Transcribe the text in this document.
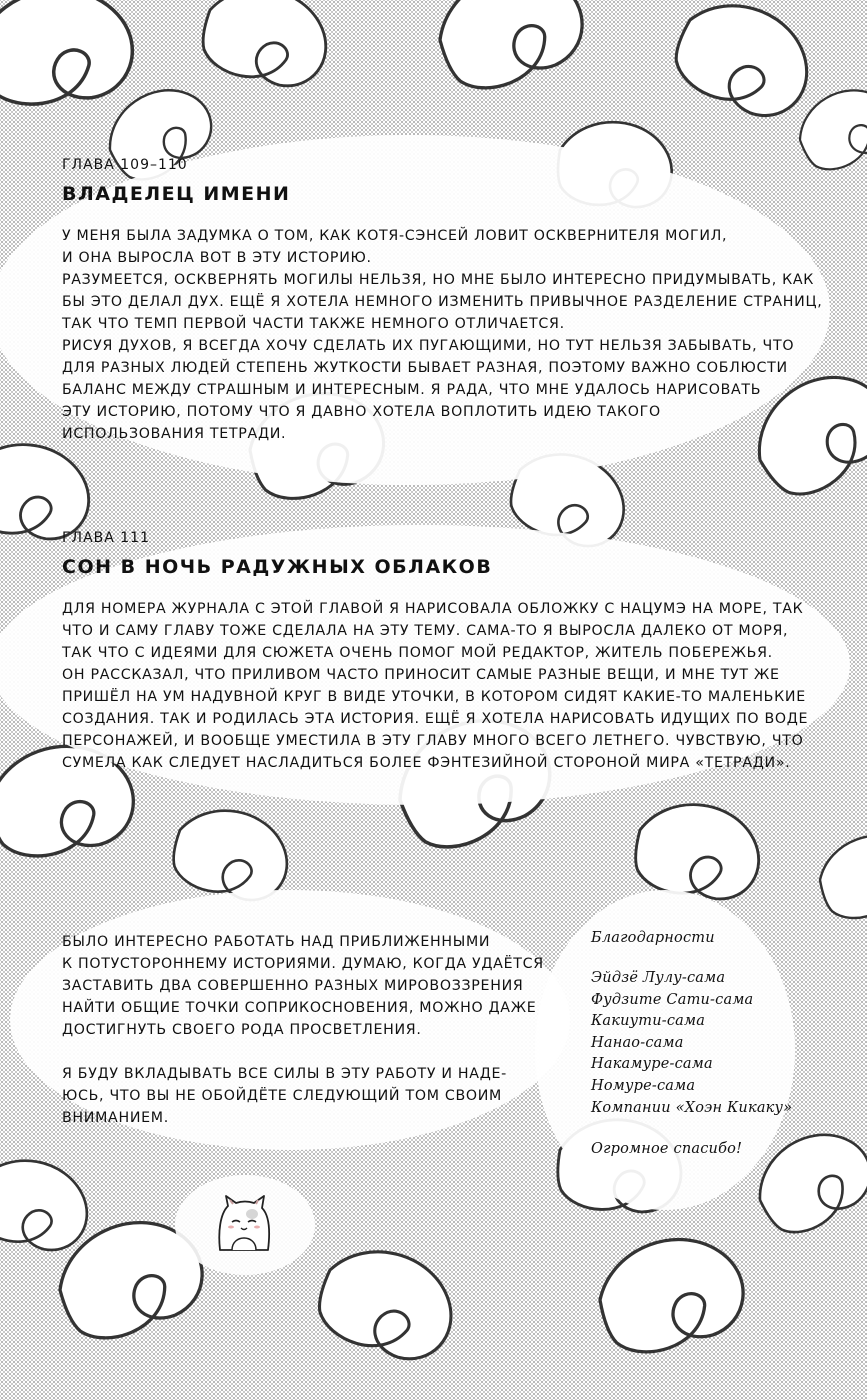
ГЛАВА 109–110

ВЛАДЕЛЕЦ ИМЕНИ

У МЕНЯ БЫЛА ЗАДУМКА О ТОМ, КАК КОТЯ-СЭНСЕЙ ЛОВИТ ОСКВЕРНИТЕЛЯ МОГИЛ,
И ОНА ВЫРОСЛА ВОТ В ЭТУ ИСТОРИЮ.
РАЗУМЕЕТСЯ, ОСКВЕРНЯТЬ МОГИЛЫ НЕЛЬЗЯ, НО МНЕ БЫЛО ИНТЕРЕСНО ПРИДУМЫВАТЬ, КАК
БЫ ЭТО ДЕЛАЛ ДУХ. ЕЩЁ Я ХОТЕЛА НЕМНОГО ИЗМЕНИТЬ ПРИВЫЧНОЕ РАЗДЕЛЕНИЕ СТРАНИЦ,
ТАК ЧТО ТЕМП ПЕРВОЙ ЧАСТИ ТАКЖЕ НЕМНОГО ОТЛИЧАЕТСЯ.
РИСУЯ ДУХОВ, Я ВСЕГДА ХОЧУ СДЕЛАТЬ ИХ ПУГАЮЩИМИ, НО ТУТ НЕЛЬЗЯ ЗАБЫВАТЬ, ЧТО
ДЛЯ РАЗНЫХ ЛЮДЕЙ СТЕПЕНЬ ЖУТКОСТИ БЫВАЕТ РАЗНАЯ, ПОЭТОМУ ВАЖНО СОБЛЮСТИ
БАЛАНС МЕЖДУ СТРАШНЫМ И ИНТЕРЕСНЫМ. Я РАДА, ЧТО МНЕ УДАЛОСЬ НАРИСОВАТЬ
ЭТУ ИСТОРИЮ, ПОТОМУ ЧТО Я ДАВНО ХОТЕЛА ВОПЛОТИТЬ ИДЕЮ ТАКОГО
ИСПОЛЬЗОВАНИЯ ТЕТРАДИ.

ГЛАВА 111

СОН В НОЧЬ РАДУЖНЫХ ОБЛАКОВ

ДЛЯ НОМЕРА ЖУРНАЛА С ЭТОЙ ГЛАВОЙ Я НАРИСОВАЛА ОБЛОЖКУ С НАЦУМЭ НА МОРЕ, ТАК
ЧТО И САМУ ГЛАВУ ТОЖЕ СДЕЛАЛА НА ЭТУ ТЕМУ. САМА-ТО Я ВЫРОСЛА ДАЛЕКО ОТ МОРЯ,
ТАК ЧТО С ИДЕЯМИ ДЛЯ СЮЖЕТА ОЧЕНЬ ПОМОГ МОЙ РЕДАКТОР, ЖИТЕЛЬ ПОБЕРЕЖЬЯ.
ОН РАССКАЗАЛ, ЧТО ПРИЛИВОМ ЧАСТО ПРИНОСИТ САМЫЕ РАЗНЫЕ ВЕЩИ, И МНЕ ТУТ ЖЕ
ПРИШЁЛ НА УМ НАДУВНОЙ КРУГ В ВИДЕ УТОЧКИ, В КОТОРОМ СИДЯТ КАКИЕ-ТО МАЛЕНЬКИЕ
СОЗДАНИЯ. ТАК И РОДИЛАСЬ ЭТА ИСТОРИЯ. ЕЩЁ Я ХОТЕЛА НАРИСОВАТЬ ИДУЩИХ ПО ВОДЕ
ПЕРСОНАЖЕЙ, И ВООБЩЕ УМЕСТИЛА В ЭТУ ГЛАВУ МНОГО ВСЕГО ЛЕТНЕГО. ЧУВСТВУЮ, ЧТО
СУМЕЛА КАК СЛЕДУЕТ НАСЛАДИТЬСЯ БОЛЕЕ ФЭНТЕЗИЙНОЙ СТОРОНОЙ МИРА «ТЕТРАДИ».

БЫЛО ИНТЕРЕСНО РАБОТАТЬ НАД ПРИБЛИЖЕННЫМИ
К ПОТУСТОРОННЕМУ ИСТОРИЯМИ. ДУМАЮ, КОГДА УДАЁТСЯ
ЗАСТАВИТЬ ДВА СОВЕРШЕННО РАЗНЫХ МИРОВОЗЗРЕНИЯ
НАЙТИ ОБЩИЕ ТОЧКИ СОПРИКОСНОВЕНИЯ, МОЖНО ДАЖЕ
ДОСТИГНУТЬ СВОЕГО РОДА ПРОСВЕТЛЕНИЯ.

Я БУДУ ВКЛАДЫВАТЬ ВСЕ СИЛЫ В ЭТУ РАБОТУ И НАДЕ-
ЮСЬ, ЧТО ВЫ НЕ ОБОЙДЁТЕ СЛЕДУЮЩИЙ ТОМ СВОИМ
ВНИМАНИЕМ.

Благодарности

Эйдзё Лулу-сама
Фудзите Сати-сама
Какиути-сама
Нанао-сама
Накамуре-сама
Номуре-сама
Компании «Хоэн Кикаку»

Огромное спасибо!
